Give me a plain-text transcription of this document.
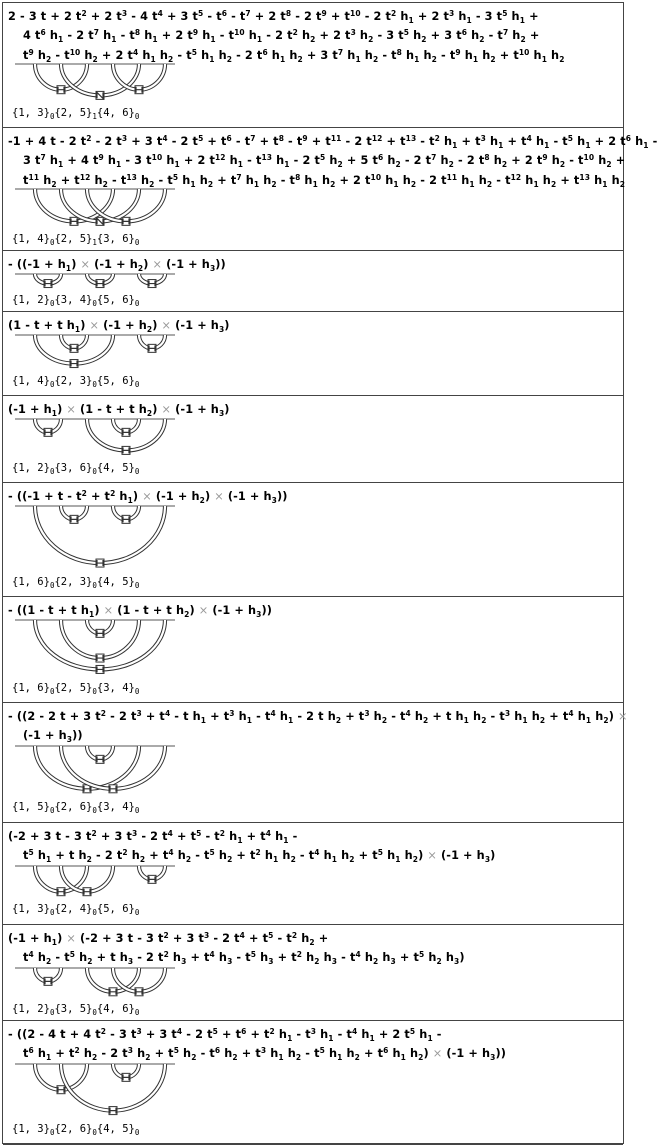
2 - 3 t + 2 $t^2 + 2$ $t^3 - 4$ $t^4 + 3$ $t^5 - t^6 - t^7 + 2$ $t^8 - 2$ $t^9 + t^{10} - 2$ $t^2$ $h_1 + 2$ $t^3$ $h_1 - 3$ $t^5$ $h_1$ +
4 $t^6$ $h_1 - 2$ $t^7$ $h_1 - t^8$ $h_1 + 2$ $t^9$ $h_1 - t^{10}$ $h_1 - 2$ $t^2$ $h_2 + 2$ $t^3$ $h_2 - 3$ $t^5$ $h_2 + 3$ $t^6$ $h_2 - t^7$ $h_2$ +
$t^9$ $h_2 - t^{10}$ $h_2 + 2$ $t^4$ $h_1$ $h_2 - t^5$ $h_1$ $h_2 - 2$ $t^6$ $h_1$ $h_2 + 3$ $t^7$ $h_1$ $h_2 - t^8$ $h_1$ $h_2 - t^9$ $h_1$ $h_2 + t^{10}$ $h_1$ $h_2$
{1, $3\}_0\{2$, $5\}_1\{4$, $6\}_0$
-1 + 4 t - 2 $t^2 - 2$ $t^3 + 3$ $t^4 - 2$ $t^5 + t^6 - t^7 + t^8 - t^9 + t^{11} - 2$ $t^{12} + t^{13} - t^2$ $h_1 + t^3$ $h_1 + t^4$ $h_1 - t^5$ $h_1 + 2$ $t^6$ $h_1$ -
3 $t^7$ $h_1 + 4$ $t^9$ $h_1 - 3$ $t^{10}$ $h_1 + 2$ $t^{12}$ $h_1 - t^{13}$ $h_1 - 2$ $t^5$ $h_2 + 5$ $t^6$ $h_2 - 2$ $t^7$ $h_2 - 2$ $t^8$ $h_2 + 2$ $t^9$ $h_2 - t^{10}$ $h_2$ +
$t^{11}$ $h_2 + t^{12}$ $h_2 - t^{13}$ $h_2 - t^5$ $h_1$ $h_2 + t^7$ $h_1$ $h_2 - t^8$ $h_1$ $h_2 + 2$ $t^{10}$ $h_1$ $h_2 - 2$ $t^{11}$ $h_1$ $h_2 - t^{12}$ $h_1$ $h_2 + t^{13}$ $h_1$ $h_2$
{1, $4\}_0\{2$, $5\}_1\{3$, $6\}_0$
- $((-1 + h_1) \times (-1 + h_2) \times (-1 + h_3))$
{1, $2\}_0\{3$, $4\}_0\{5$, $6\}_0$
(1 - t + t $h_1) \times (-1 + h_2) \times (-1 + h_3)$
{1, $4\}_0\{2$, $3\}_0\{5$, $6\}_0$
$(-1 + h_1) \times (1 - t + t$ $h_2) \times (-1 + h_3)$
{1, $2\}_0\{3$, $6\}_0\{4$, $5\}_0$
- (($-1 + t - t^2 + t^2$ $h_1) \times (-1 + h_2) \times (-1 + h_3)$)
{1, $6\}_0\{2$, $3\}_0\{4$, $5\}_0$
- ((1 - t + t $h_1) \times (1 - t + t$ $h_2) \times (-1 + h_3)$)
{1, $6\}_0\{2$, $5\}_0\{3$, $4\}_0$
- ((2 - 2 t + 3 $t^2 - 2$ $t^3 + t^4 - t$ $h_1 + t^3$ $h_1 - t^4$ $h_1 - 2$ t $h_2 + t^3$ $h_2 - t^4$ $h_2 + t$ $h_1$ $h_2 - t^3$ $h_1$ $h_2 + t^4$ $h_1$ $h_2$) ×
$(-1 + h_3)$)
{1, $5\}_0\{2$, $6\}_0\{3$, $4\}_0$
(-2 + 3 t - 3 $t^2 + 3$ $t^3 - 2$ $t^4 + t^5 - t^2$ $h_1 + t^4$ $h_1$ -
$t^5$ $h_1 + t$ $h_2 - 2$ $t^2$ $h_2 + t^4$ $h_2 - t^5$ $h_2 + t^2$ $h_1$ $h_2 - t^4$ $h_1$ $h_2 + t^5$ $h_1$ $h_2) \times (-1 + h_3)$
{1, $3\}_0\{2$, $4\}_0\{5$, $6\}_0$
$(-1 + h_1) \times (-2 + 3$ t - 3 $t^2 + 3$ $t^3 - 2$ $t^4 + t^5 - t^2$ $h_2$ +
$t^4$ $h_2 - t^5$ $h_2 + t$ $h_3 - 2$ $t^2$ $h_3 + t^4$ $h_3 - t^5$ $h_3 + t^2$ $h_2$ $h_3 - t^4$ $h_2$ $h_3 + t^5$ $h_2$ $h_3$)
{1, $2\}_0\{3$, $5\}_0\{4$, $6\}_0$
- ((2 - 4 t + 4 $t^2 - 3$ $t^3 + 3$ $t^4 - 2$ $t^5 + t^6 + t^2$ $h_1 - t^3$ $h_1 - t^4$ $h_1 + 2$ $t^5$ $h_1$ -
$t^6$ $h_1 + t^2$ $h_2 - 2$ $t^3$ $h_2 + t^5$ $h_2 - t^6$ $h_2 + t^3$ $h_1$ $h_2 - t^5$ $h_1$ $h_2 + t^6$ $h_1$ $h_2) \times (-1 + h_3)$)
{1, $3\}_0\{2$, $6\}_0\{4$, $5\}_0$
